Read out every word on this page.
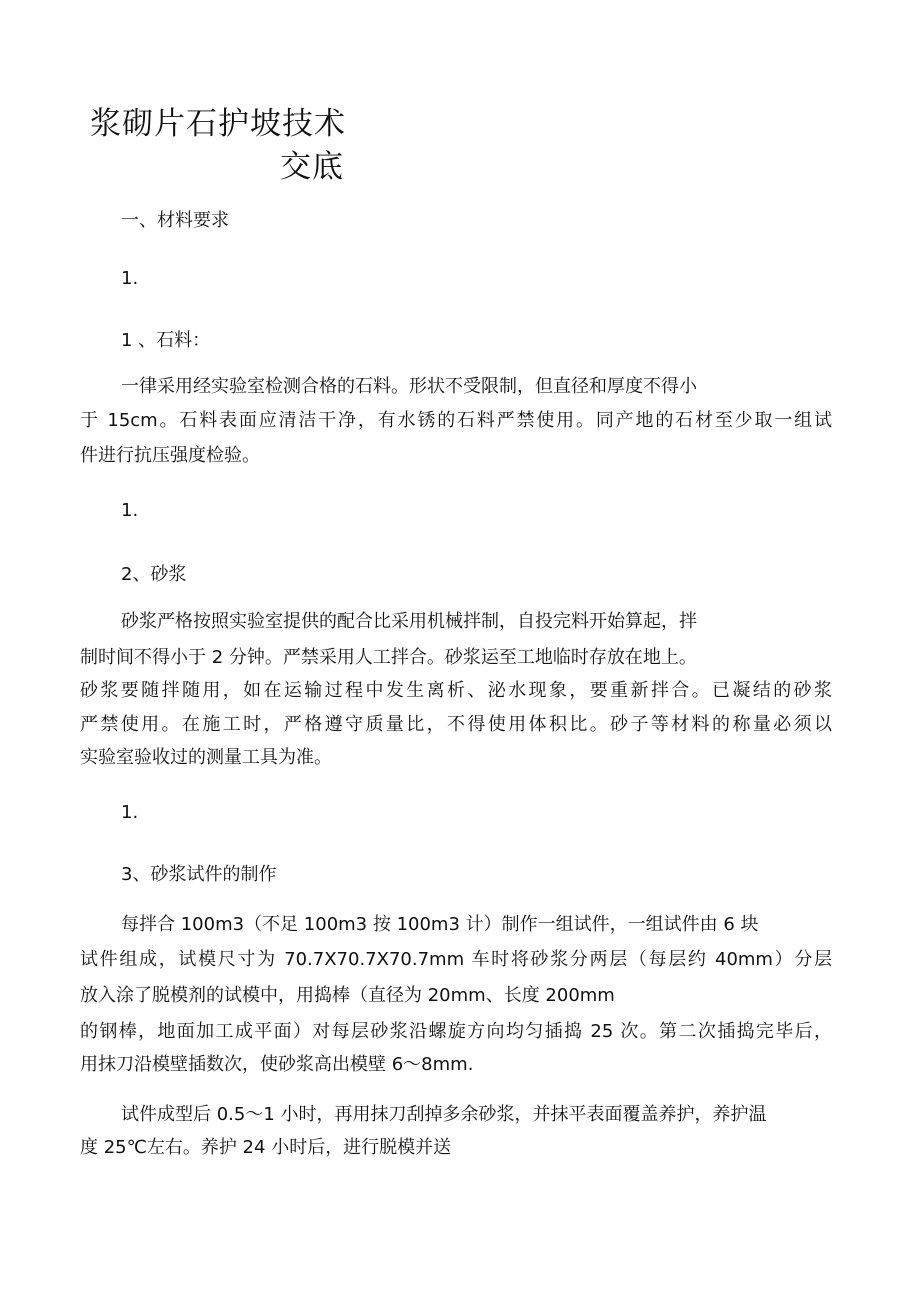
浆砌片石护坡技术
交底
一、材料要求
1.
1 、石料：
一律采用经实验室检测合格的石料。形状不受限制，但直径和厚度不得小
于 15cm。石料表面应清洁干净，有水锈的石料严禁使用。同产地的石材至少取一组试
件进行抗压强度检验。
1.
2、砂浆
砂浆严格按照实验室提供的配合比采用机械拌制，自投完料开始算起，拌
制时间不得小于 2 分钟。严禁采用人工拌合。砂浆运至工地临时存放在地上。
砂浆要随拌随用，如在运输过程中发生离析、泌水现象，要重新拌合。已凝结的砂浆
严禁使用。在施工时，严格遵守质量比，不得使用体积比。砂子等材料的称量必须以
实验室验收过的测量工具为准。
1.
3、砂浆试件的制作
每拌合 100m3（不足 100m3 按 100m3 计）制作一组试件，一组试件由 6 块
试件组成，试模尺寸为 70.7X70.7X70.7mm 车时将砂浆分两层（每层约 40mm）分层
放入涂了脱模剂的试模中，用捣棒（直径为 20mm、长度 200mm
的钢棒，地面加工成平面）对每层砂浆沿螺旋方向均匀插捣 25 次。第二次插捣完毕后，
用抹刀沿模壁插数次，使砂浆高出模壁 6～8mm.
试件成型后 0.5～1 小时，再用抹刀刮掉多余砂浆，并抹平表面覆盖养护，养护温
度 25℃左右。养护 24 小时后，进行脱模并送
